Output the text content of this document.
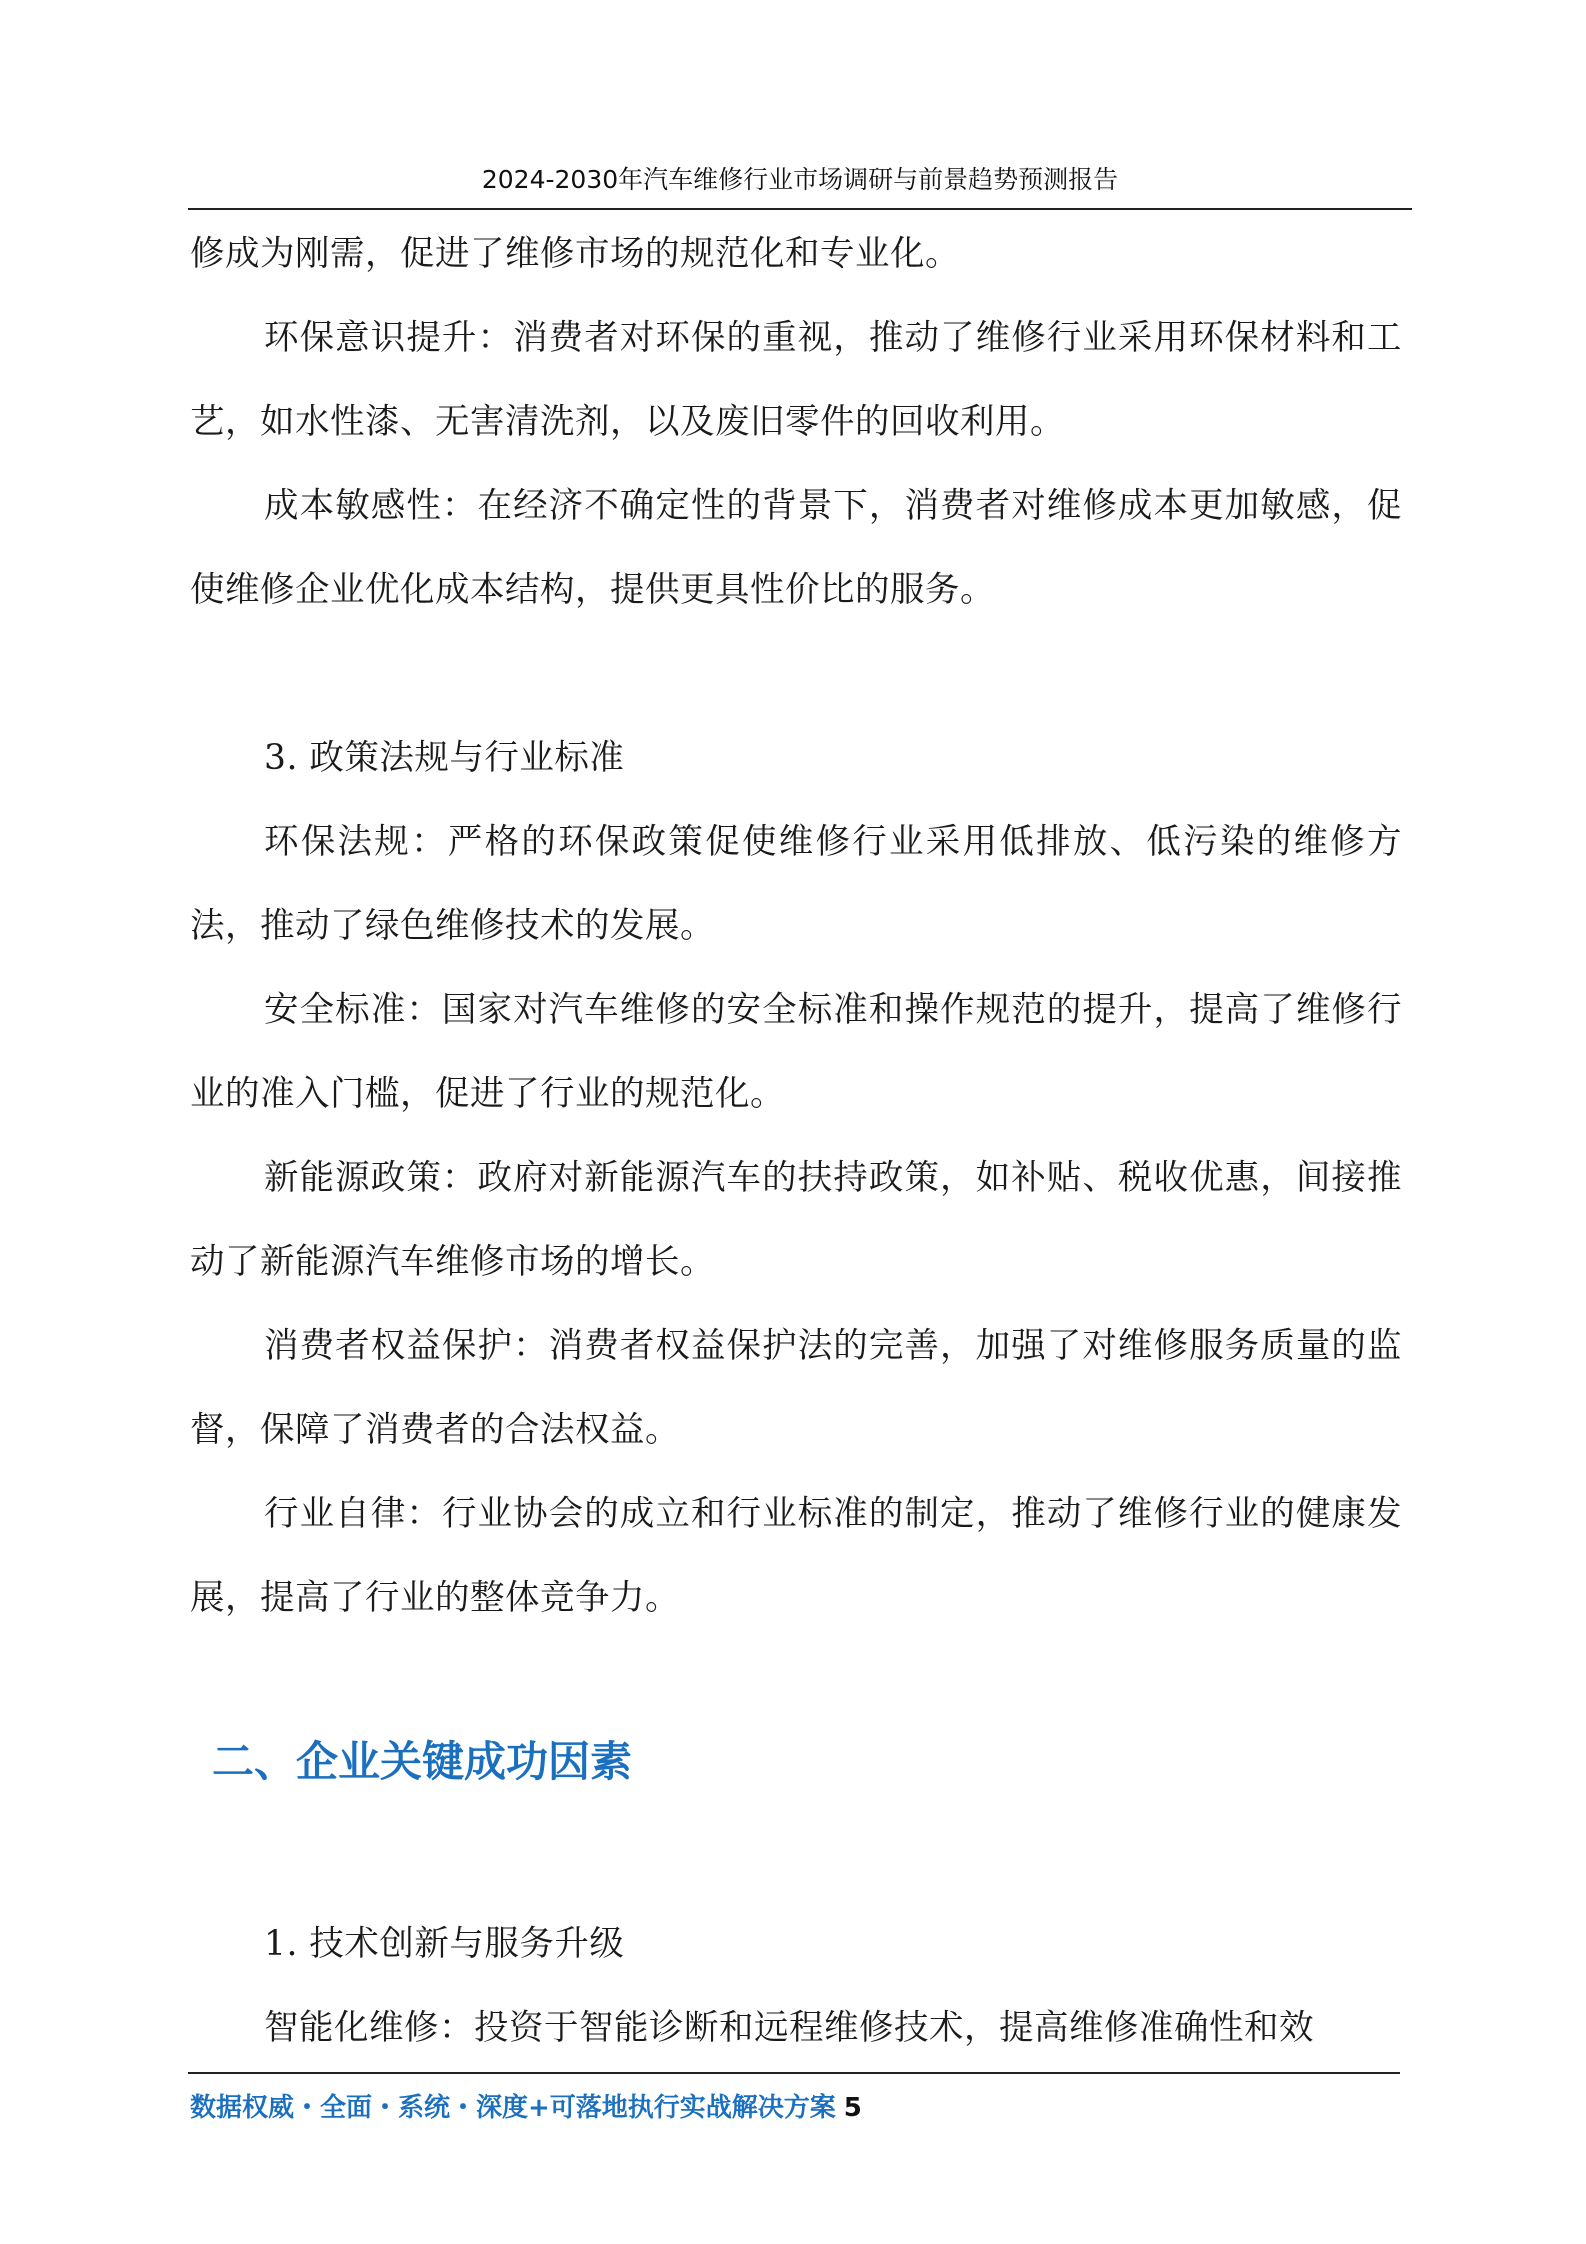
2024-2030年汽车维修行业市场调研与前景趋势预测报告

修成为刚需，促进了维修市场的规范化和专业化。

环保意识提升：消费者对环保的重视，推动了维修行业采用环保材料和工艺，如水性漆、无害清洗剂，以及废旧零件的回收利用。

成本敏感性：在经济不确定性的背景下，消费者对维修成本更加敏感，促使维修企业优化成本结构，提供更具性价比的服务。

3. 政策法规与行业标准

环保法规：严格的环保政策促使维修行业采用低排放、低污染的维修方法，推动了绿色维修技术的发展。

安全标准：国家对汽车维修的安全标准和操作规范的提升，提高了维修行业的准入门槛，促进了行业的规范化。

新能源政策：政府对新能源汽车的扶持政策，如补贴、税收优惠，间接推动了新能源汽车维修市场的增长。

消费者权益保护：消费者权益保护法的完善，加强了对维修服务质量的监督，保障了消费者的合法权益。

行业自律：行业协会的成立和行业标准的制定，推动了维修行业的健康发展，提高了行业的整体竞争力。

二、企业关键成功因素

1. 技术创新与服务升级

智能化维修：投资于智能诊断和远程维修技术，提高维修准确性和效

数据权威・全面・系统・深度+可落地执行实战解决方案 5
